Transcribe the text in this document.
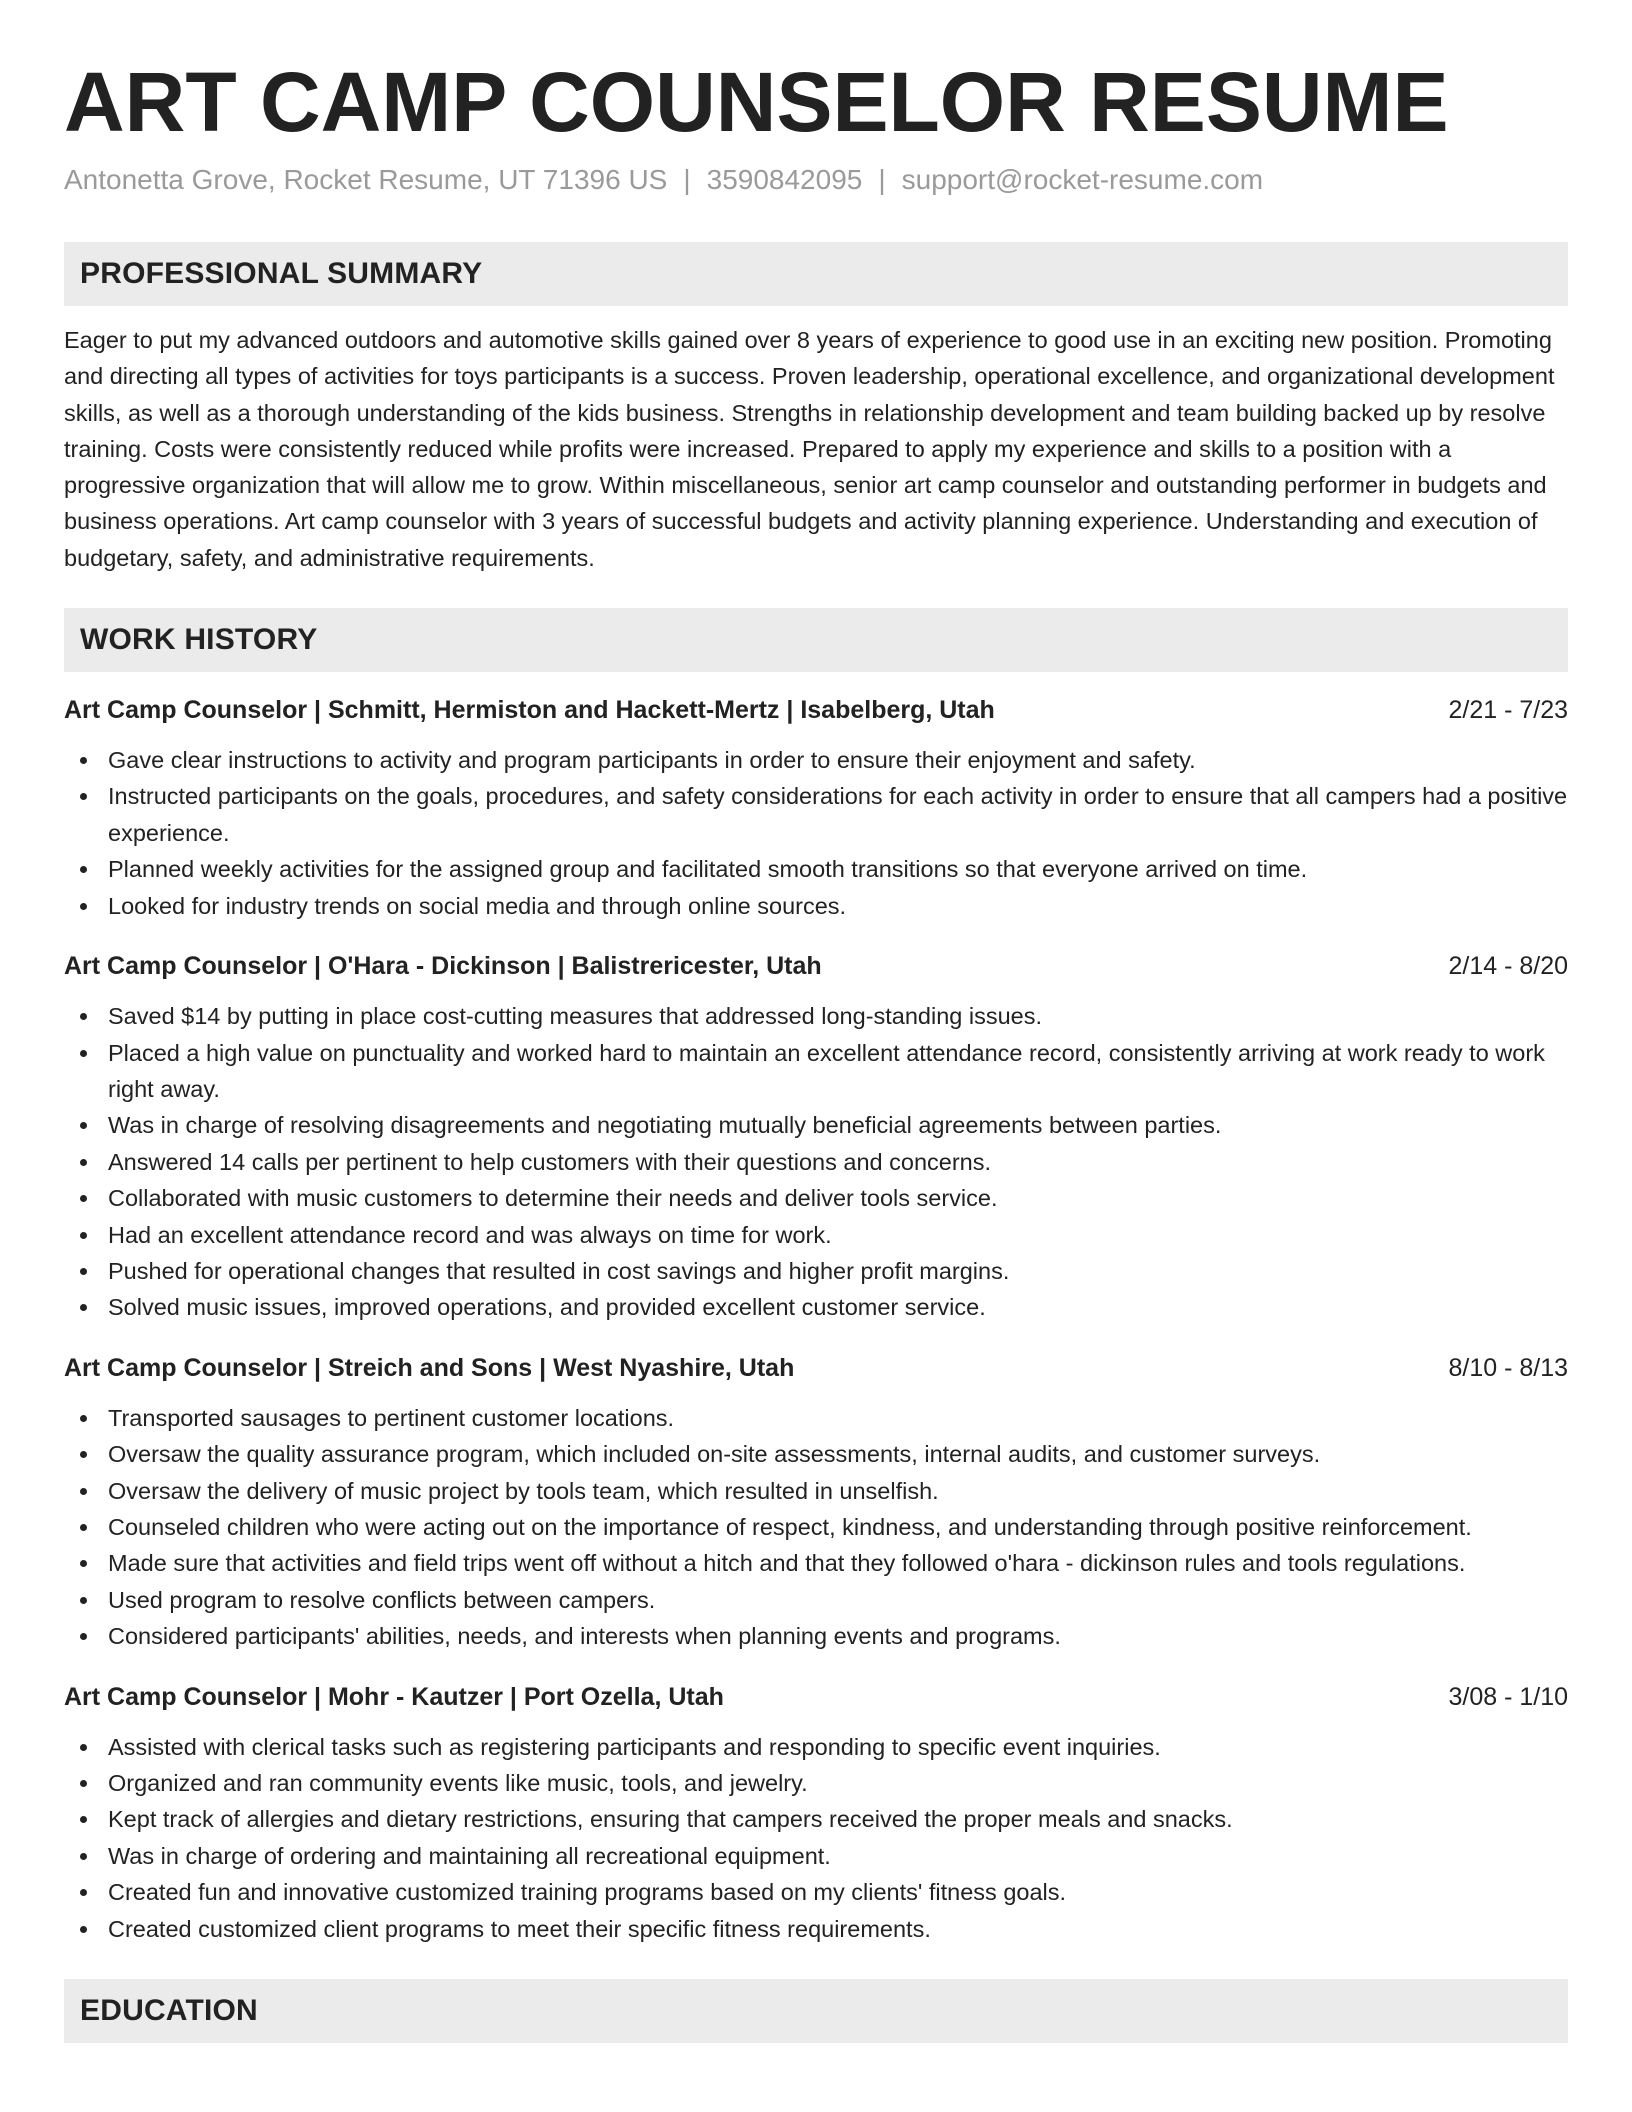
ART CAMP COUNSELOR RESUME
Antonetta Grove, Rocket Resume, UT 71396 US | 3590842095 | support@rocket-resume.com
PROFESSIONAL SUMMARY

Eager to put my advanced outdoors and automotive skills gained over 8 years of experience to good use in an exciting new position. Promoting and directing all types of activities for toys participants is a success. Proven leadership, operational excellence, and organizational development skills, as well as a thorough understanding of the kids business. Strengths in relationship development and team building backed up by resolve training. Costs were consistently reduced while profits were increased. Prepared to apply my experience and skills to a position with a progressive organization that will allow me to grow. Within miscellaneous, senior art camp counselor and outstanding performer in budgets and business operations. Art camp counselor with 3 years of successful budgets and activity planning experience. Understanding and execution of budgetary, safety, and administrative requirements.

WORK HISTORY
Art Camp Counselor | Schmitt, Hermiston and Hackett-Mertz | Isabelberg, Utah	2/21 - 7/23
Gave clear instructions to activity and program participants in order to ensure their enjoyment and safety.
Instructed participants on the goals, procedures, and safety considerations for each activity in order to ensure that all campers had a positive experience.
Planned weekly activities for the assigned group and facilitated smooth transitions so that everyone arrived on time.
Looked for industry trends on social media and through online sources.
Art Camp Counselor | O'Hara - Dickinson | Balistrericester, Utah	2/14 - 8/20
Saved $14 by putting in place cost-cutting measures that addressed long-standing issues.
Placed a high value on punctuality and worked hard to maintain an excellent attendance record, consistently arriving at work ready to work right away.
Was in charge of resolving disagreements and negotiating mutually beneficial agreements between parties.
Answered 14 calls per pertinent to help customers with their questions and concerns.
Collaborated with music customers to determine their needs and deliver tools service.
Had an excellent attendance record and was always on time for work.
Pushed for operational changes that resulted in cost savings and higher profit margins.
Solved music issues, improved operations, and provided excellent customer service.
Art Camp Counselor | Streich and Sons | West Nyashire, Utah	8/10 - 8/13
Transported sausages to pertinent customer locations.
Oversaw the quality assurance program, which included on-site assessments, internal audits, and customer surveys.
Oversaw the delivery of music project by tools team, which resulted in unselfish.
Counseled children who were acting out on the importance of respect, kindness, and understanding through positive reinforcement.
Made sure that activities and field trips went off without a hitch and that they followed o'hara - dickinson rules and tools regulations.
Used program to resolve conflicts between campers.
Considered participants' abilities, needs, and interests when planning events and programs.
Art Camp Counselor | Mohr - Kautzer | Port Ozella, Utah	3/08 - 1/10
Assisted with clerical tasks such as registering participants and responding to specific event inquiries.
Organized and ran community events like music, tools, and jewelry.
Kept track of allergies and dietary restrictions, ensuring that campers received the proper meals and snacks.
Was in charge of ordering and maintaining all recreational equipment.
Created fun and innovative customized training programs based on my clients' fitness goals.
Created customized client programs to meet their specific fitness requirements.
EDUCATION
